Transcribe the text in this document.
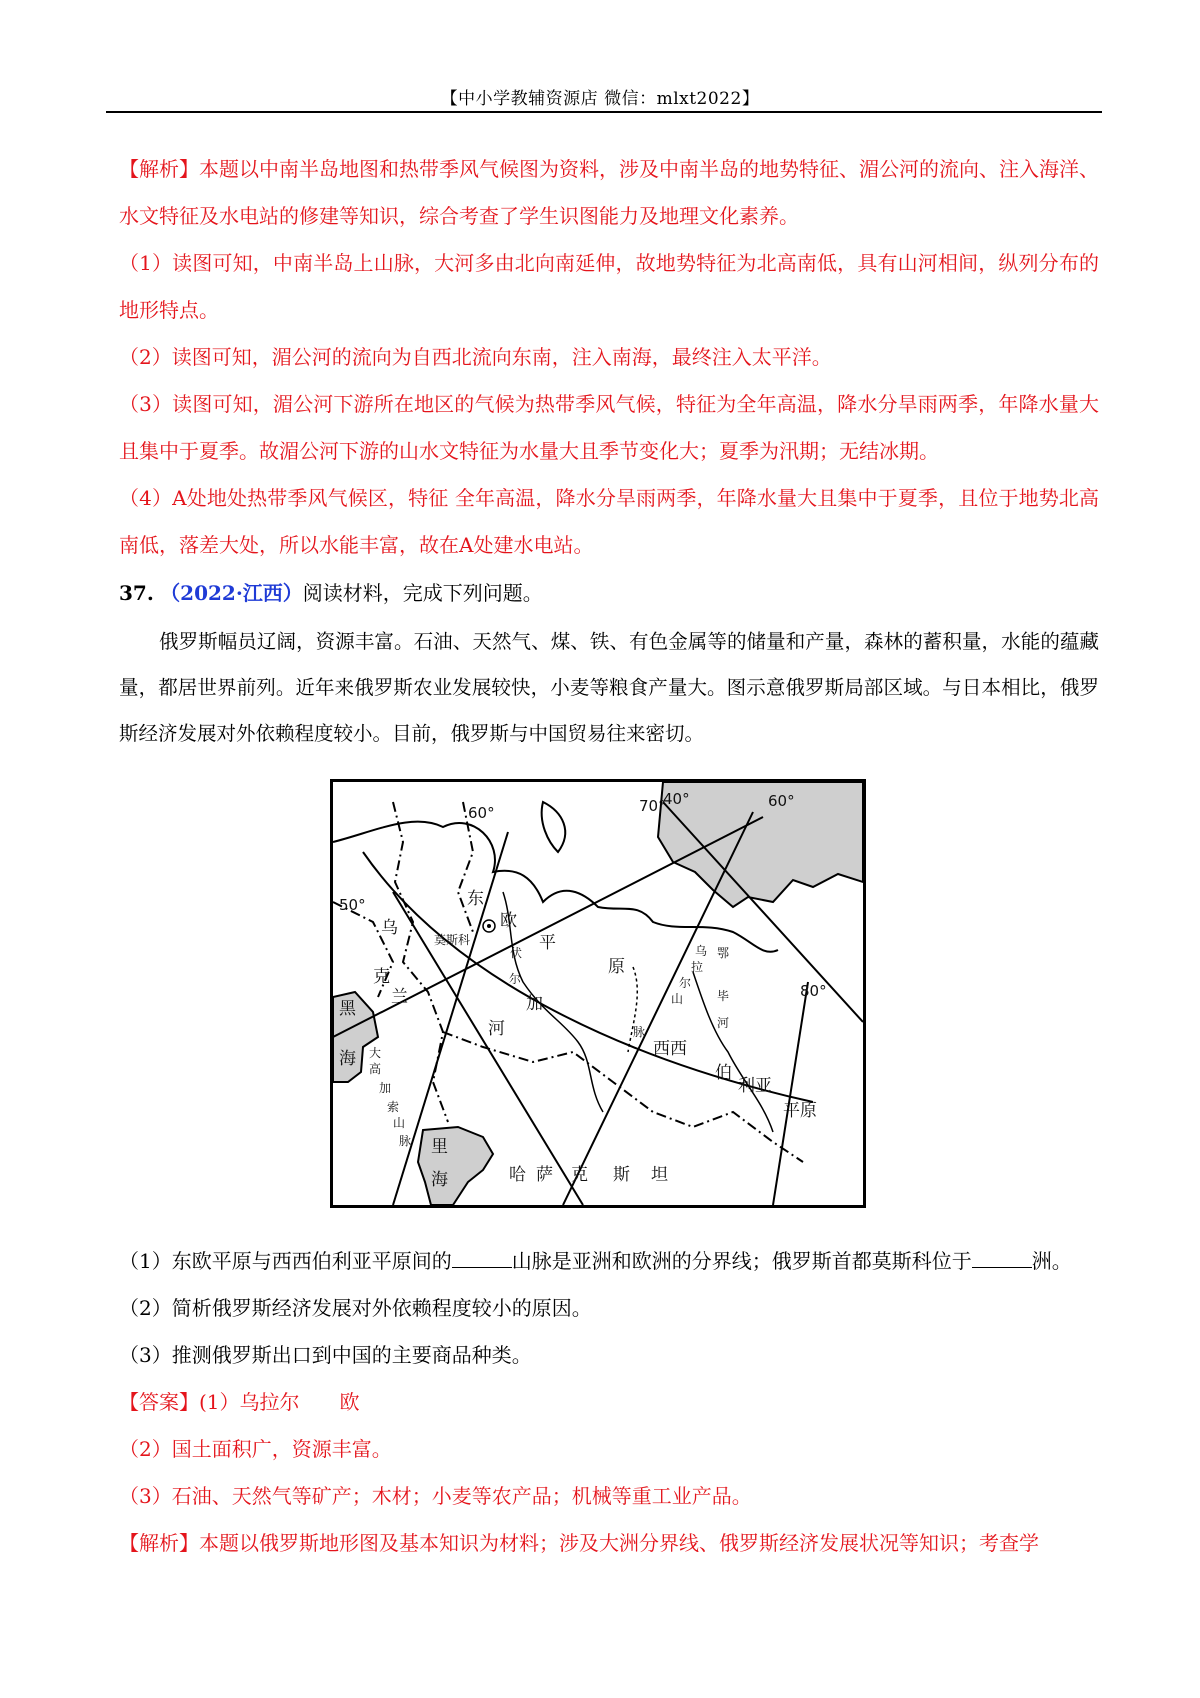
【中小学教辅资源店 微信：mlxt2022】

【解析】本题以中南半岛地图和热带季风气候图为资料，涉及中南半岛的地势特征、湄公河的流向、注入海洋、水文特征及水电站的修建等知识，综合考查了学生识图能力及地理文化素养。

（1）读图可知，中南半岛上山脉，大河多由北向南延伸，故地势特征为北高南低，具有山河相间，纵列分布的地形特点。

（2）读图可知，湄公河的流向为自西北流向东南，注入南海，最终注入太平洋。

（3）读图可知，湄公河下游所在地区的气候为热带季风气候，特征为全年高温，降水分旱雨两季，年降水量大且集中于夏季。故湄公河下游的山水文特征为水量大且季节变化大；夏季为汛期；无结冰期。

（4）A处地处热带季风气候区，特征 全年高温，降水分旱雨两季，年降水量大且集中于夏季，且位于地势北高南低，落差大处，所以水能丰富，故在A处建水电站。

37. （2022·江西）阅读材料，完成下列问题。

俄罗斯幅员辽阔，资源丰富。石油、天然气、煤、铁、有色金属等的储量和产量，森林的蓄积量，水能的蕴藏量，都居世界前列。近年来俄罗斯农业发展较快，小麦等粮食产量大。图示意俄罗斯局部区域。与日本相比，俄罗斯经济发展对外依赖程度较小。目前，俄罗斯与中国贸易往来密切。

60°	70°
40°	60°
50°
80°
莫斯科
东
欧
平
原
乌
克
兰
伏
尔
加
河
乌
拉
尔
山
脉
鄂
毕
河
西西
伯
利亚
平原
黑
海 大
高
加
索
山
脉 里
海	哈 萨 克 斯 坦

（1）东欧平原与西西伯利亚平原间的	山脉是亚洲和欧洲的分界线；俄罗斯首都莫斯科位于	洲。

（2）简析俄罗斯经济发展对外依赖程度较小的原因。

（3）推测俄罗斯出口到中国的主要商品种类。

【答案】(1）乌拉尔 欧

（2）国土面积广，资源丰富。

（3）石油、天然气等矿产；木材；小麦等农产品；机械等重工业产品。

【解析】本题以俄罗斯地形图及基本知识为材料；涉及大洲分界线、俄罗斯经济发展状况等知识；考查学
